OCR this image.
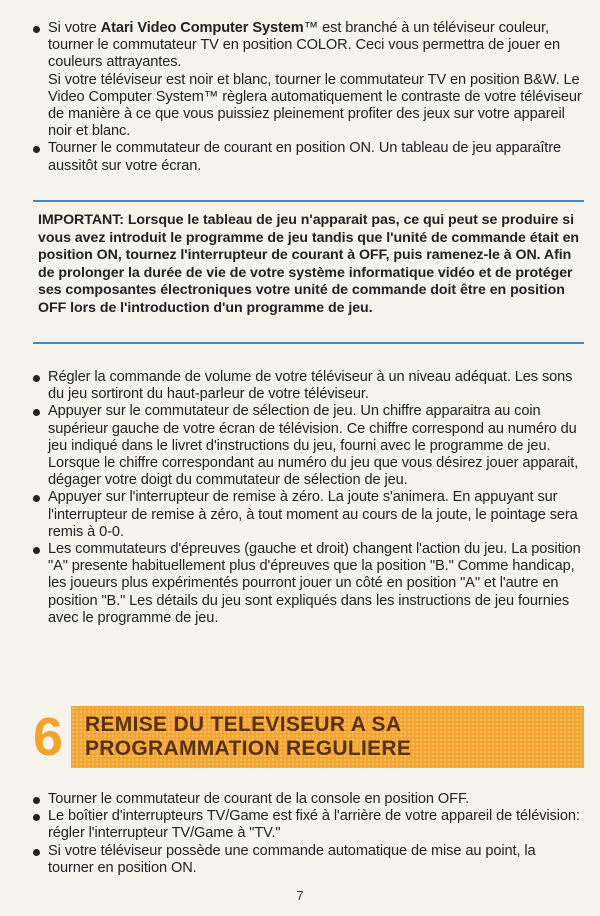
Si votre Atari Video Computer System™ est branché à un téléviseur couleur, tourner le commutateur TV en position COLOR. Ceci vous permettra de jouer en couleurs attrayantes.
Si votre téléviseur est noir et blanc, tourner le commutateur TV en position B&W. Le Video Computer System™ règlera automatiquement le contraste de votre téléviseur de manière à ce que vous puissiez pleinement profiter des jeux sur votre appareil noir et blanc.
Tourner le commutateur de courant en position ON. Un tableau de jeu apparaître aussitôt sur votre écran.
IMPORTANT: Lorsque le tableau de jeu n'apparait pas, ce qui peut se produire si vous avez introduit le programme de jeu tandis que l'unité de commande était en position ON, tournez l'interrupteur de courant à OFF, puis ramenez-le à ON. Afin de prolonger la durée de vie de votre système informatique vidéo et de protéger ses composantes électroniques votre unité de commande doit être en position OFF lors de l'introduction d'un programme de jeu.
Régler la commande de volume de votre téléviseur à un niveau adéquat. Les sons du jeu sortiront du haut-parleur de votre téléviseur.
Appuyer sur le commutateur de sélection de jeu. Un chiffre apparaitra au coin supérieur gauche de votre écran de télévision. Ce chiffre correspond au numéro du jeu indiqué dans le livret d'instructions du jeu, fourni avec le programme de jeu. Lorsque le chiffre correspondant au numéro du jeu que vous désirez jouer apparait, dégager votre doigt du commutateur de sélection de jeu.
Appuyer sur l'interrupteur de remise à zéro. La joute s'animera. En appuyant sur l'interrupteur de remise à zéro, à tout moment au cours de la joute, le pointage sera remis à 0-0.
Les commutateurs d'épreuves (gauche et droit) changent l'action du jeu. La position "A" presente habituellement plus d'épreuves que la position "B." Comme handicap, les joueurs plus expérimentés pourront jouer un côté en position "A" et l'autre en position "B." Les détails du jeu sont expliqués dans les instructions de jeu fournies avec le programme de jeu.
6 REMISE DU TELEVISEUR A SA
PROGRAMMATION REGULIERE
Tourner le commutateur de courant de la console en position OFF.
Le boîtier d'interrupteurs TV/Game est fixé à l'arrière de votre appareil de télévision: régler l'interrupteur TV/Game à "TV."
Si votre téléviseur possède une commande automatique de mise au point, la tourner en position ON.
7
